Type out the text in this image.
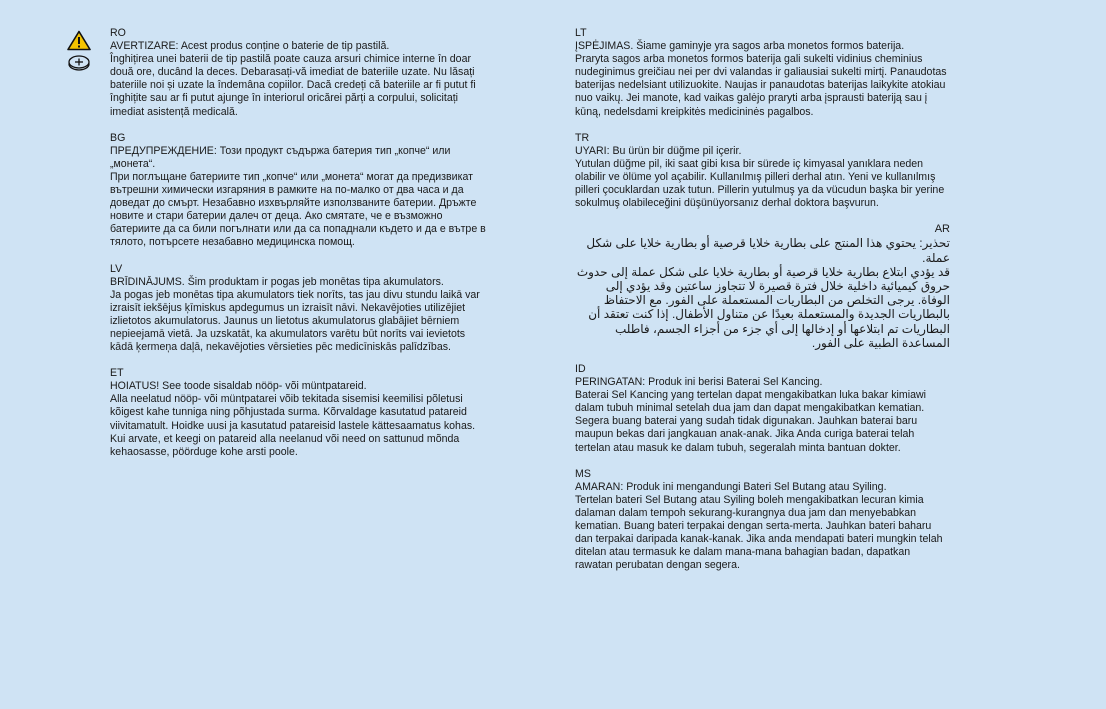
RO
AVERTIZARE: Acest produs conține o baterie de tip pastilă.
Înghițirea unei baterii de tip pastilă poate cauza arsuri chimice interne în doar două ore, ducând la deces. Debarasați-vă imediat de bateriile uzate. Nu lăsați bateriile noi și uzate la îndemâna copiilor. Dacă credeți că bateriile ar fi putut fi înghițite sau ar fi putut ajunge în interiorul oricărei părți a corpului, solicitați imediat asistență medicală.
BG
ПРЕДУПРЕЖДЕНИЕ: Този продукт съдържа батерия тип „копче“ или „монета“.
При поглъщане батериите тип „копче“ или „монета“ могат да предизвикат вътрешни химически изгаряния в рамките на по-малко от два часа и да доведат до смърт. Незабавно изхвърляйте използваните батерии. Дръжте новите и стари батерии далеч от деца. Ако смятате, че е възможно батериите да са били погълнати или да са попаднали където и да е вътре в тялото, потърсете незабавно медицинска помощ.
LV
BRĪDINĀJUMS. Šim produktam ir pogas jeb monētas tipa akumulators.
Ja pogas jeb monētas tipa akumulators tiek norīts, tas jau divu stundu laikā var izraisīt iekšējus ķīmiskus apdegumus un izraisīt nāvi. Nekavējoties utilizējiet izlietotos akumulatorus. Jaunus un lietotus akumulatorus glabājiet bērniem nepieejamā vietā. Ja uzskatāt, ka akumulators varētu būt norīts vai ievietots kādā ķermeņa daļā, nekavējoties vērsieties pēc medicīniskās palīdzības.
ET
HOIATUS! See toode sisaldab nööp- või müntpatareid.
Alla neelatud nööp- või müntpatarei võib tekitada sisemisi keemilisi põletusi kõigest kahe tunniga ning põhjustada surma. Kõrvaldage kasutatud patareid viivitamatult. Hoidke uusi ja kasutatud patareisid lastele kättesaamatus kohas. Kui arvate, et keegi on patareid alla neelanud või need on sattunud mõnda kehaosasse, pöörduge kohe arsti poole.
LT
ĮSPĖJIMAS. Šiame gaminyje yra sagos arba monetos formos baterija.
Praryta sagos arba monetos formos baterija gali sukelti vidinius cheminius nudeginimus greičiau nei per dvi valandas ir galiausiai sukelti mirtį. Panaudotas baterijas nedelsiant utilizuokite. Naujas ir panaudotas baterijas laikykite atokiau nuo vaikų. Jei manote, kad vaikas galėjo praryti arba įsprausti bateriją sau į kūną, nedelsdami kreipkitės medicininės pagalbos.
TR
UYARI: Bu ürün bir düğme pil içerir.
Yutulan düğme pil, iki saat gibi kısa bir sürede iç kimyasal yanıklara neden olabilir ve ölüme yol açabilir. Kullanılmış pilleri derhal atın. Yeni ve kullanılmış pilleri çocuklardan uzak tutun. Pillerin yutulmuş ya da vücudun başka bir yerine sokulmuş olabileceğini düşünüyorsanız derhal doktora başvurun.
AR
تحذير: يحتوي هذا المنتج على بطارية خلايا قرصية أو بطارية خلايا على شكل عملة.
قد يؤدي ابتلاع بطارية خلايا قرصية أو بطارية خلايا على شكل عملة إلى حدوث حروق كيميائية داخلية خلال فترة قصيرة لا تتجاوز ساعتين وقد يؤدي إلى الوفاة. يرجى التخلص من البطاريات المستعملة على الفور. مع الاحتفاظ بالبطاريات الجديدة والمستعملة بعيدًا عن متناول الأطفال. إذا كنت تعتقد أن البطاريات تم ابتلاعها أو إدخالها إلى أي جزء من أجزاء الجسم، فاطلب المساعدة الطبية على الفور.
ID
PERINGATAN: Produk ini berisi Baterai Sel Kancing.
Baterai Sel Kancing yang tertelan dapat mengakibatkan luka bakar kimiawi dalam tubuh minimal setelah dua jam dan dapat mengakibatkan kematian. Segera buang baterai yang sudah tidak digunakan. Jauhkan baterai baru maupun bekas dari jangkauan anak-anak. Jika Anda curiga baterai telah tertelan atau masuk ke dalam tubuh, segeralah minta bantuan dokter.
MS
AMARAN: Produk ini mengandungi Bateri Sel Butang atau Syiling.
Tertelan bateri Sel Butang atau Syiling boleh mengakibatkan lecuran kimia dalaman dalam tempoh sekurang-kurangnya dua jam dan menyebabkan kematian. Buang bateri terpakai dengan serta-merta. Jauhkan bateri baharu dan terpakai daripada kanak-kanak. Jika anda mendapati bateri mungkin telah ditelan atau termasuk ke dalam mana-mana bahagian badan, dapatkan rawatan perubatan dengan segera.
